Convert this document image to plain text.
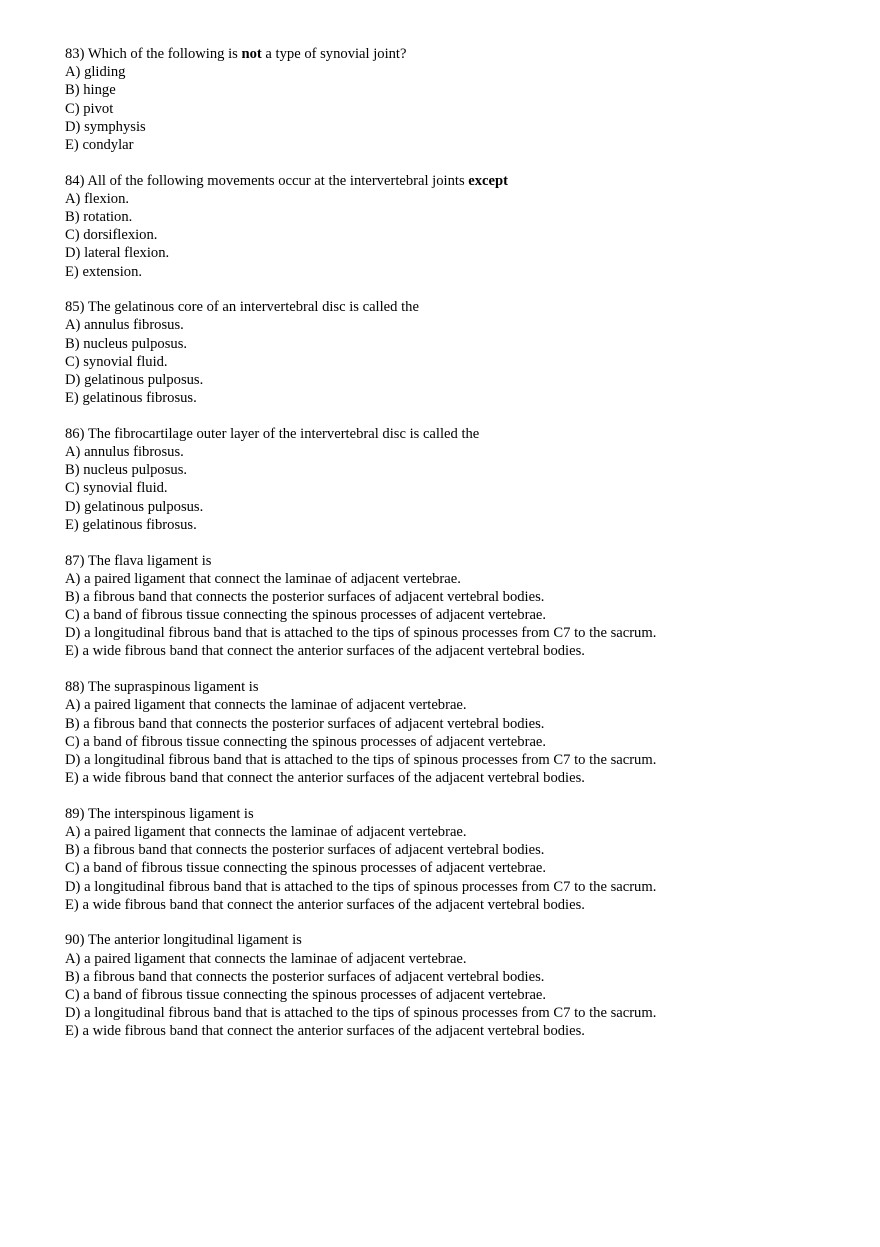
83) Which of the following is not a type of synovial joint?
A) gliding
B) hinge
C) pivot
D) symphysis
E) condylar
84) All of the following movements occur at the intervertebral joints except
A) flexion.
B) rotation.
C) dorsiflexion.
D) lateral flexion.
E) extension.
85) The gelatinous core of an intervertebral disc is called the
A) annulus fibrosus.
B) nucleus pulposus.
C) synovial fluid.
D) gelatinous pulposus.
E) gelatinous fibrosus.
86) The fibrocartilage outer layer of the intervertebral disc is called the
A) annulus fibrosus.
B) nucleus pulposus.
C) synovial fluid.
D) gelatinous pulposus.
E) gelatinous fibrosus.
87) The flava ligament is
A) a paired ligament that connect the laminae of adjacent vertebrae.
B) a fibrous band that connects the posterior surfaces of adjacent vertebral bodies.
C) a band of fibrous tissue connecting the spinous processes of adjacent vertebrae.
D) a longitudinal fibrous band that is attached to the tips of spinous processes from C7 to the sacrum.
E) a wide fibrous band that connect the anterior surfaces of the adjacent vertebral bodies.
88) The supraspinous ligament is
A) a paired ligament that connects the laminae of adjacent vertebrae.
B) a fibrous band that connects the posterior surfaces of adjacent vertebral bodies.
C) a band of fibrous tissue connecting the spinous processes of adjacent vertebrae.
D) a longitudinal fibrous band that is attached to the tips of spinous processes from C7 to the sacrum.
E) a wide fibrous band that connect the anterior surfaces of the adjacent vertebral bodies.
89) The interspinous ligament is
A) a paired ligament that connects the laminae of adjacent vertebrae.
B) a fibrous band that connects the posterior surfaces of adjacent vertebral bodies.
C) a band of fibrous tissue connecting the spinous processes of adjacent vertebrae.
D) a longitudinal fibrous band that is attached to the tips of spinous processes from C7 to the sacrum.
E) a wide fibrous band that connect the anterior surfaces of the adjacent vertebral bodies.
90) The anterior longitudinal ligament is
A) a paired ligament that connects the laminae of adjacent vertebrae.
B) a fibrous band that connects the posterior surfaces of adjacent vertebral bodies.
C) a band of fibrous tissue connecting the spinous processes of adjacent vertebrae.
D) a longitudinal fibrous band that is attached to the tips of spinous processes from C7 to the sacrum.
E) a wide fibrous band that connect the anterior surfaces of the adjacent vertebral bodies.
